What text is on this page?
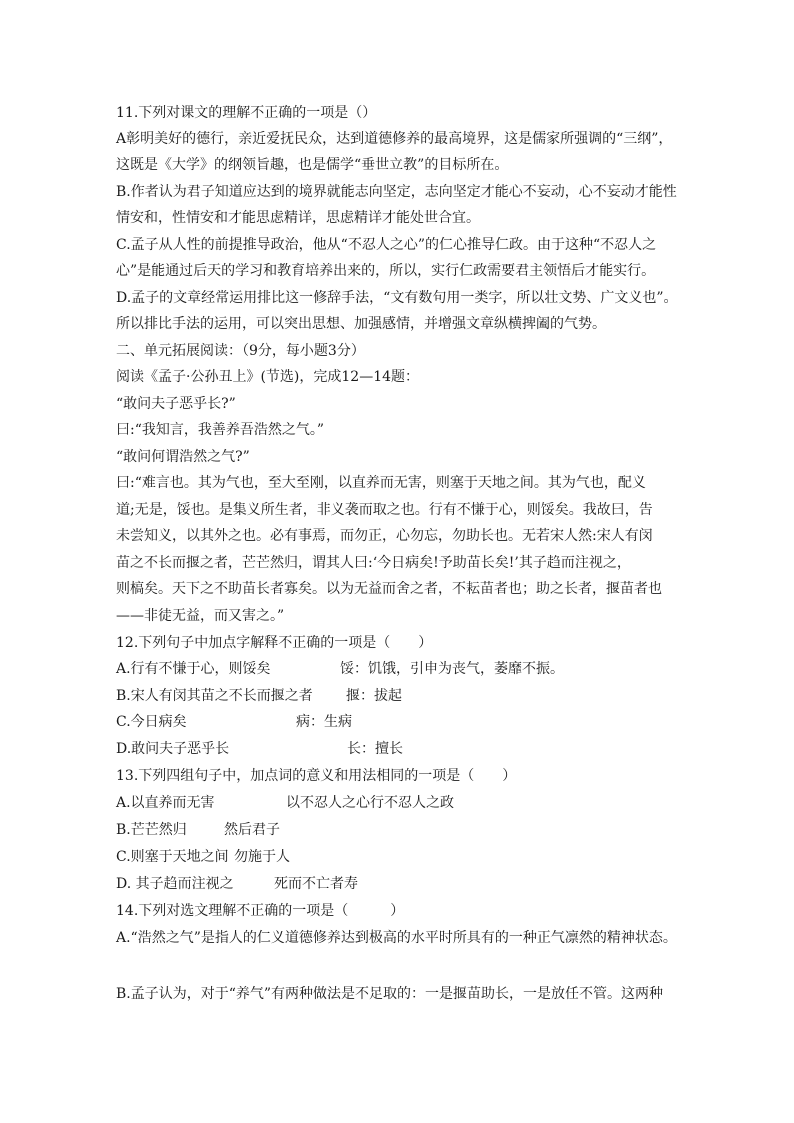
11.下列对课文的理解不正确的一项是（）
A彰明美好的德行，亲近爱抚民众，达到道德修养的最高境界，这是儒家所强调的“三纲”，
这既是《大学》的纲领旨趣，也是儒学“垂世立教”的目标所在。
B.作者认为君子知道应达到的境界就能志向坚定，志向坚定才能心不妄动，心不妄动才能性
情安和，性情安和才能思虑精详，思虑精详才能处世合宜。
C.孟子从人性的前提推导政治，他从“不忍人之心”的仁心推导仁政。由于这种“不忍人之
心”是能通过后天的学习和教育培养出来的，所以，实行仁政需要君主领悟后才能实行。
D.孟子的文章经常运用排比这一修辞手法，“文有数句用一类字，所以壮文势、广文义也”。
所以排比手法的运用，可以突出思想、加强感情，并增强文章纵横捭阖的气势。
二、单元拓展阅读：（9分，每小题3分）
阅读《孟子·公孙丑上》(节选)，完成12—14题：
“敢问夫子恶乎长?”
曰:“我知言，我善养吾浩然之气。”
“敢问何谓浩然之气?”
曰:“难言也。其为气也，至大至刚，以直养而无害，则塞于天地之间。其为气也，配义
道;无是，馁也。是集义所生者，非义袭而取之也。行有不慊于心，则馁矣。我故曰，告
未尝知义，以其外之也。必有事焉，而勿正，心勿忘，勿助长也。无若宋人然:宋人有闵
苗之不长而揠之者，芒芒然归，谓其人曰:‘今日病矣!予助苗长矣!’其子趋而注视之，
则槁矣。天下之不助苗长者寡矣。以为无益而舍之者，不耘苗者也；助之长者，揠苗者也
——非徒无益，而又害之。”
12.下列句子中加点字解释不正确的一项是（　　）
A.行有不慊于心，则馁矣	馁：饥饿，引申为丧气，萎靡不振。
B.宋人有闵其苗之不长而揠之者 揠：拔起
C.今日病矣	病：生病
D.敢问夫子恶乎长	长：擅长
13.下列四组句子中，加点词的意义和用法相同的一项是（　　）
A.以直养而无害	以不忍人之心行不忍人之政
B.芒芒然归	然后君子
C.则塞于天地之间 勿施于人
D. 其子趋而注视之	死而不亡者寿
14.下列对选文理解不正确的一项是（　　　）
A.“浩然之气”是指人的仁义道德修养达到极高的水平时所具有的一种正气凛然的精神状态。
B.孟子认为，对于“养气”有两种做法是不足取的：一是揠苗助长，一是放任不管。这两种
